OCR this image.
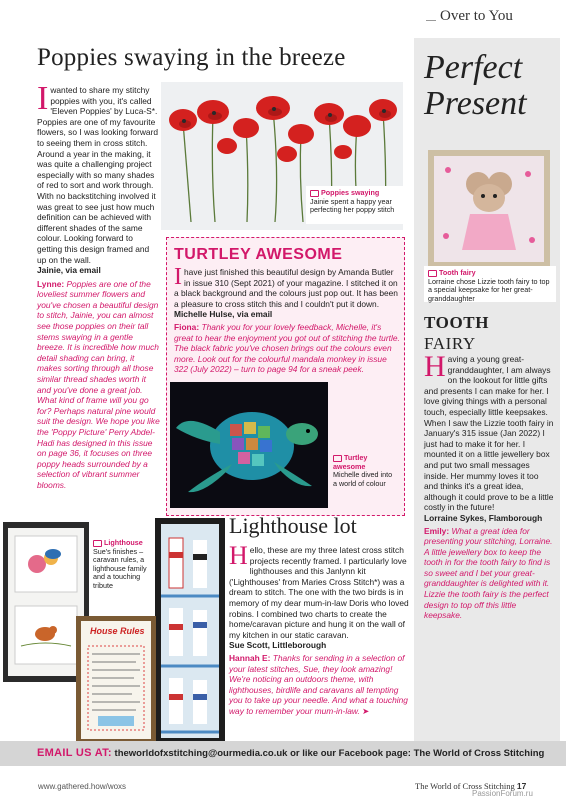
Over to You
Poppies swaying in the breeze
Poppies swaying
Jainie spent a happy year perfecting her poppy stitch
I wanted to share my stitchy poppies with you, it's called 'Eleven Poppies' by Luca-S*. Poppies are one of my favourite flowers, so I was looking forward to seeing them in cross stitch. Around a year in the making, it was quite a challenging project especially with so many shades of red to sort and work through. With no backstitching involved it was great to see just how much definition can be achieved with different shades of the same colour. Looking forward to getting this design framed and up on the wall.
Jainie, via email
Lynne: Poppies are one of the loveliest summer flowers and you've chosen a beautiful design to stitch, Jainie, you can almost see those poppies on their tall stems swaying in a gentle breeze. It is incredible how much detail shading can bring, it makes sorting through all those similar thread shades worth it and you've done a great job. What kind of frame will you go for? Perhaps natural pine would suit the design. We hope you like the 'Poppy Picture' Perry Abdel-Hadi has designed in this issue on page 36, it focuses on three poppy heads surrounded by a selection of vibrant summer blooms.
TURTLEY AWESOME
I have just finished this beautiful design by Amanda Butler in issue 310 (Sept 2021) of your magazine. I stitched it on a black background and the colours just pop out. It has been a pleasure to cross stitch this and I couldn't put it down.
Michelle Hulse, via email
Fiona: Thank you for your lovely feedback, Michelle, it's great to hear the enjoyment you got out of stitching the turtle. The black fabric you've chosen brings out the colours even more. Look out for the colourful mandala monkey in issue 322 (July 2022) – turn to page 94 for a sneak peek.
Turtley awesome
Michelle dived into a world of colour
Lighthouse
Sue's finishes – caravan rules, a lighthouse family and a touching tribute
House Rules
Lighthouse lot
H ello, these are my three latest cross stitch projects recently framed. I particularly love lighthouses and this Janlynn kit ('Lighthouses' from Maries Cross Stitch*) was a dream to stitch. The one with the two birds is in memory of my dear mum-in-law Doris who loved robins. I combined two charts to create the home/caravan picture and hung it on the wall of my kitchen in our static caravan.
Sue Scott, Littleborough
Hannah E: Thanks for sending in a selection of your latest stitches, Sue, they look amazing! We're noticing an outdoors theme, with lighthouses, birdlife and caravans all tempting you to take up your needle. And what a touching way to remember your mum-in-law. ➤
Perfect
Present
Tooth fairy
Lorraine chose Lizzie tooth fairy to top a special keepsake for her great-granddaughter
TOOTH
FAIRY
H aving a young great-granddaughter, I am always on the lookout for little gifts and presents I can make for her. I love giving things with a personal touch, especially little keepsakes. When I saw the Lizzie tooth fairy in January's 315 issue (Jan 2022) I just had to make it for her. I mounted it on a little jewellery box and put two small messages inside. Her mummy loves it too and thinks it's a great idea, although it could prove to be a little costly in the future!
Lorraine Sykes, Flamborough
Emily: What a great idea for presenting your stitching, Lorraine. A little jewellery box to keep the tooth in for the tooth fairy to find is so sweet and I bet your great-granddaughter is delighted with it. Lizzie the tooth fairy is the perfect design to top off this little keepsake.
EMAIL US AT: theworldofxstitching@ourmedia.co.uk or like our Facebook page: The World of Cross Stitching
www.gathered.how/woxs	The World of Cross Stitching 17
PassionForum.ru
